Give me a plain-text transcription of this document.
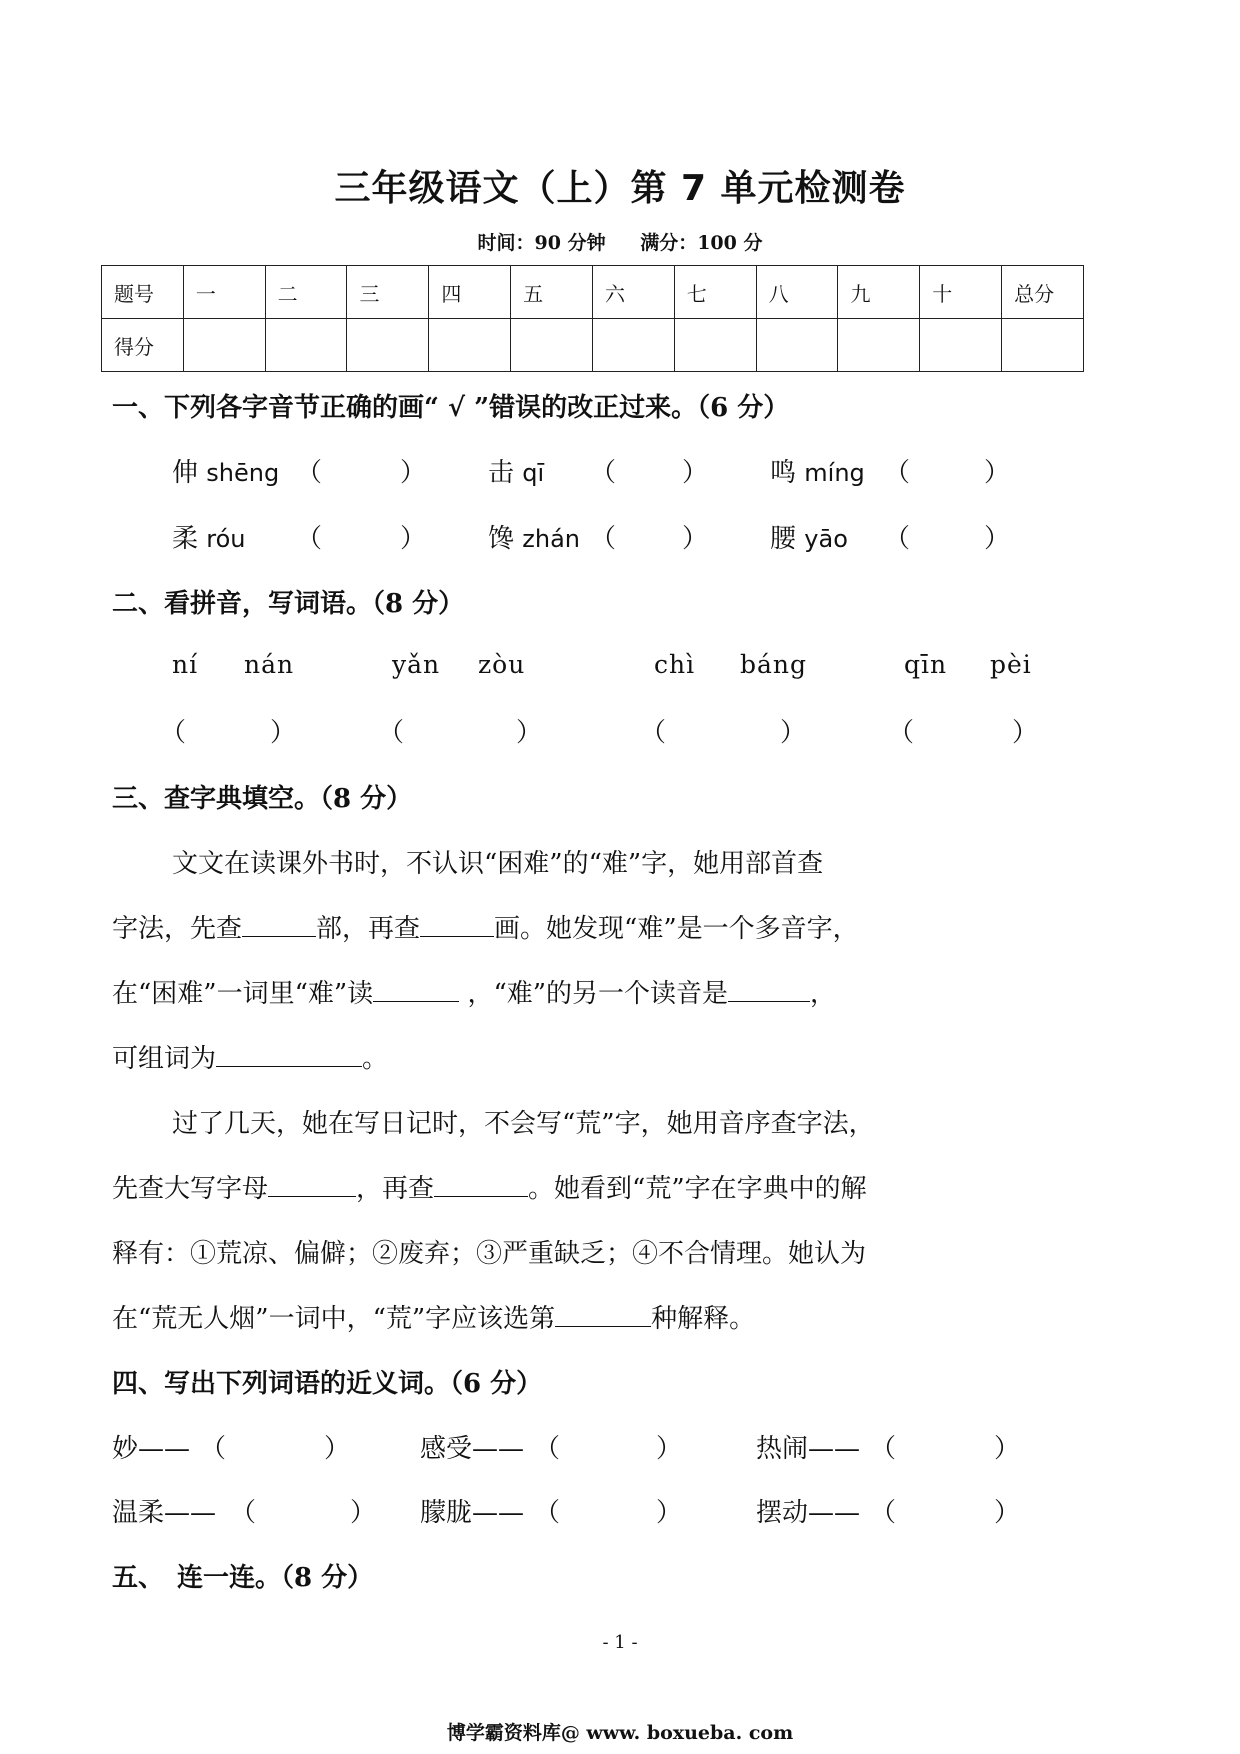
三年级语文（上）第 7 单元检测卷
时间：90 分钟 满分：100 分
题号	一	二	三	四	五	六	七	八	九	十	总分
得分											
一、下列各字音节正确的画“ √ ”错误的改正过来。（6 分）
伸 shēng （	） 击 qī （	） 鸣 míng （	）
柔 róu （	） 馋 zhán （	） 腰 yāo （	）
二、看拼音，写词语。（8 分）
ní nán	yǎn zòu	chì báng	qīn pèi
（	）	（	）	（	）	（	）
三、查字典填空。（8 分）
文文在读课外书时，不认识“困难”的“难”字，她用部首查
字法，先查	部，再查	画。她发现“难”是一个多音字，
在“困难”一词里“难”读	，“难”的另一个读音是	，
可组词为	。
过了几天，她在写日记时，不会写“荒”字，她用音序查字法，
先查大写字母	，再查	。她看到“荒”字在字典中的解
释有：①荒凉、偏僻；②废弃；③严重缺乏；④不合情理。她认为
在“荒无人烟”一词中，“荒”字应该选第	种解释。
四、写出下列词语的近义词。（6 分）
妙—— （	）	感受—— （	）	热闹—— （	）
温柔—— （	） 朦胧—— （	）	摆动—— （	）
五、　连一连。（8 分）
- 1 -
博学霸资料库@ www. boxueba. com
